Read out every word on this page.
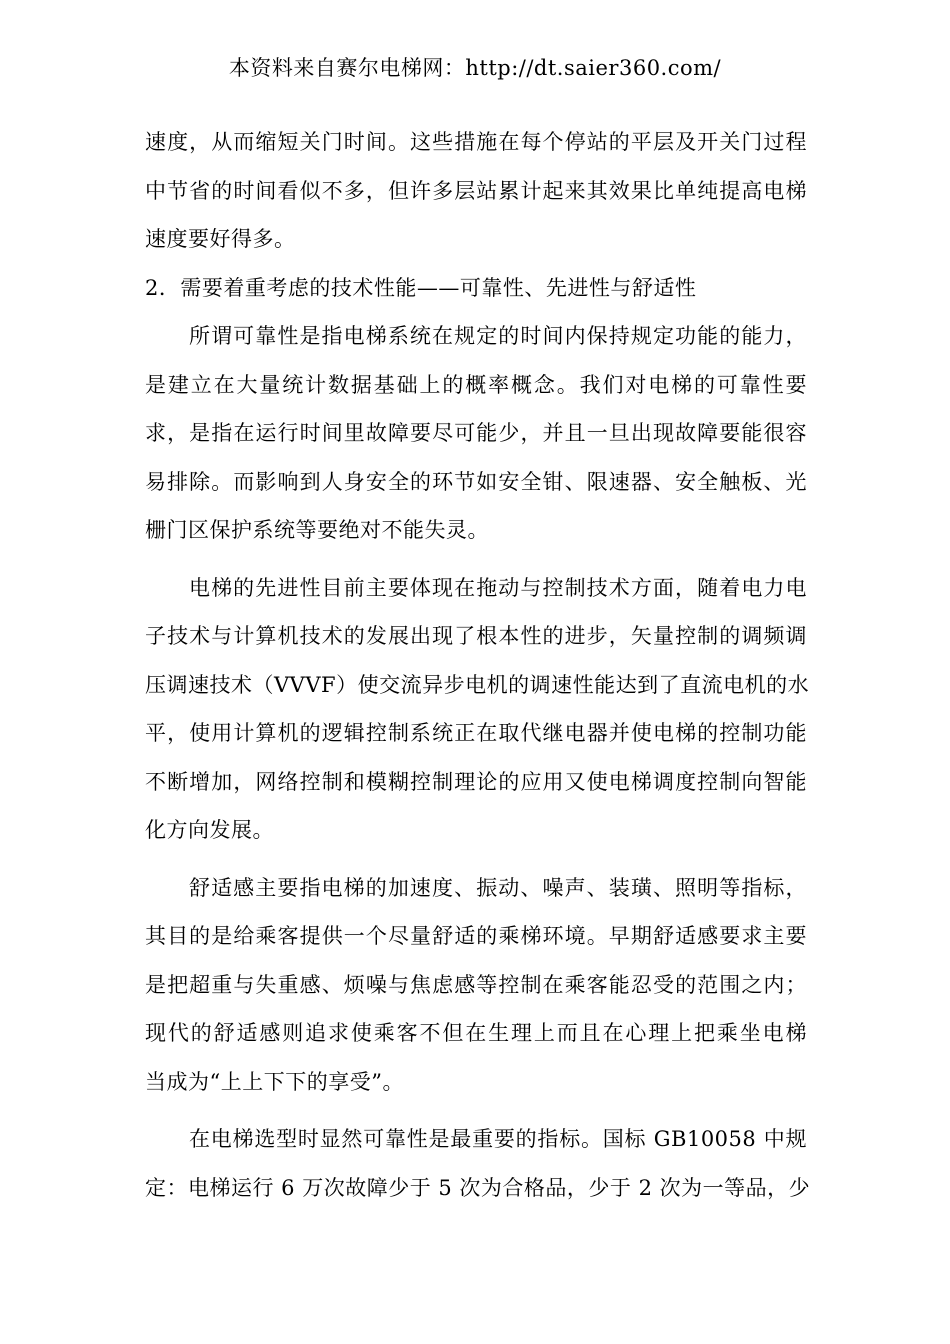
本资料来自赛尔电梯网：http://dt.saier360.com/
速度，从而缩短关门时间。这些措施在每个停站的平层及开关门过程
中节省的时间看似不多，但许多层站累计起来其效果比单纯提高电梯
速度要好得多。
2．需要着重考虑的技术性能——可靠性、先进性与舒适性
所谓可靠性是指电梯系统在规定的时间内保持规定功能的能力，
是建立在大量统计数据基础上的概率概念。我们对电梯的可靠性要
求，是指在运行时间里故障要尽可能少，并且一旦出现故障要能很容
易排除。而影响到人身安全的环节如安全钳、限速器、安全触板、光
栅门区保护系统等要绝对不能失灵。
电梯的先进性目前主要体现在拖动与控制技术方面，随着电力电
子技术与计算机技术的发展出现了根本性的进步，矢量控制的调频调
压调速技术（VVVF）使交流异步电机的调速性能达到了直流电机的水
平，使用计算机的逻辑控制系统正在取代继电器并使电梯的控制功能
不断增加，网络控制和模糊控制理论的应用又使电梯调度控制向智能
化方向发展。
舒适感主要指电梯的加速度、振动、噪声、装璜、照明等指标，
其目的是给乘客提供一个尽量舒适的乘梯环境。早期舒适感要求主要
是把超重与失重感、烦噪与焦虑感等控制在乘客能忍受的范围之内；
现代的舒适感则追求使乘客不但在生理上而且在心理上把乘坐电梯
当成为“上上下下的享受”。
在电梯选型时显然可靠性是最重要的指标。国标 GB10058 中规
定：电梯运行 6 万次故障少于 5 次为合格品，少于 2 次为一等品，少
